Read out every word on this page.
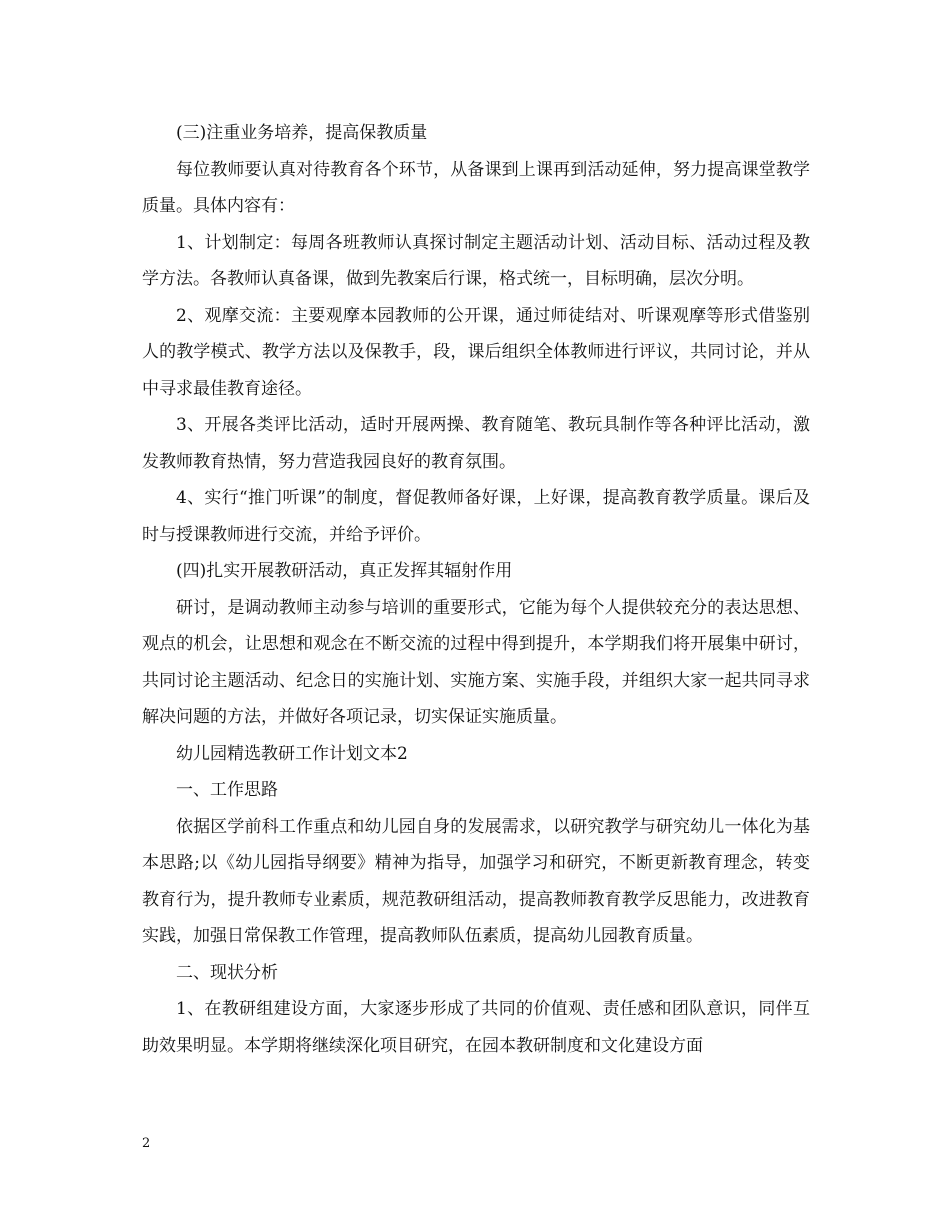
(三)注重业务培养，提高保教质量

每位教师要认真对待教育各个环节，从备课到上课再到活动延伸，努力提高课堂教学质量。具体内容有：

1、计划制定：每周各班教师认真探讨制定主题活动计划、活动目标、活动过程及教学方法。各教师认真备课，做到先教案后行课，格式统一，目标明确，层次分明。

2、观摩交流：主要观摩本园教师的公开课，通过师徒结对、听课观摩等形式借鉴别人的教学模式、教学方法以及保教手，段，课后组织全体教师进行评议，共同讨论，并从中寻求最佳教育途径。

3、开展各类评比活动，适时开展两操、教育随笔、教玩具制作等各种评比活动，激发教师教育热情，努力营造我园良好的教育氛围。

4、实行“推门听课”的制度，督促教师备好课，上好课，提高教育教学质量。课后及时与授课教师进行交流，并给予评价。

(四)扎实开展教研活动，真正发挥其辐射作用

研讨，是调动教师主动参与培训的重要形式，它能为每个人提供较充分的表达思想、观点的机会，让思想和观念在不断交流的过程中得到提升，本学期我们将开展集中研讨，共同讨论主题活动、纪念日的实施计划、实施方案、实施手段，并组织大家一起共同寻求解决问题的方法，并做好各项记录，切实保证实施质量。

幼儿园精选教研工作计划文本2

一、工作思路

依据区学前科工作重点和幼儿园自身的发展需求，以研究教学与研究幼儿一体化为基本思路;以《幼儿园指导纲要》精神为指导，加强学习和研究，不断更新教育理念，转变教育行为，提升教师专业素质，规范教研组活动，提高教师教育教学反思能力，改进教育实践，加强日常保教工作管理，提高教师队伍素质，提高幼儿园教育质量。

二、现状分析

1、在教研组建设方面，大家逐步形成了共同的价值观、责任感和团队意识，同伴互助效果明显。本学期将继续深化项目研究，在园本教研制度和文化建设方面

2
